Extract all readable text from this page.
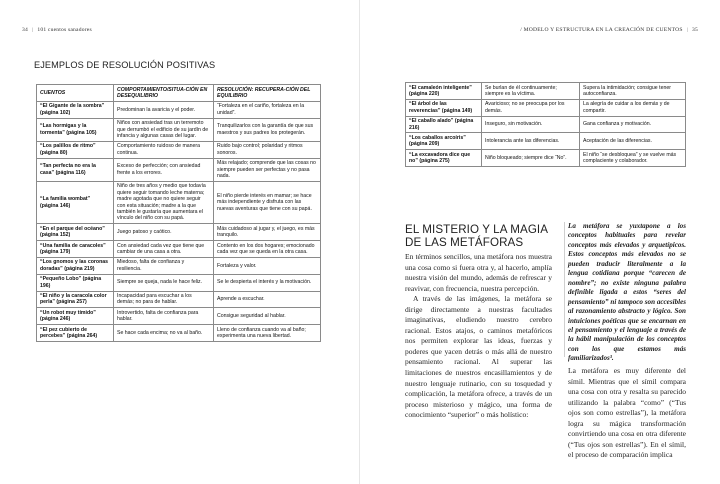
34 | 101 cuentos sanadores
EJEMPLOS DE RESOLUCIÓN POSITIVAS
CUENTOS	COMPORTAMIENTO/SITUA-CIÓN EN DESEQUILIBRIO	RESOLUCIÓN: RECUPERA-CIÓN DEL EQUILIBRIO
“El Gigante de la sombra” (página 102)	Predominan la avaricia y el poder.	“Fortaleza en el cariño, fortaleza en la unidad”.
“Las hormigas y la tormenta” (página 105)	Niños con ansiedad tras un terremoto que derrumbó el edificio de su jardín de infancia y algunas casas del lugar.	Tranquilizarlos con la garantía de que sus maestros y sus padres los protegerán.
“Los palillos de ritmo” (página 80)	Comportamiento ruidoso de manera continua.	Ruido bajo control; polaridad y ritmos sonoros.
“Tan perfecta no era la casa” (página 116)	Exceso de perfección; con ansiedad frente a los errores.	Más relajado; comprende que las cosas no siempre pueden ser perfectas y no pasa nada.
“La familia wombat” (página 146)	Niño de tres años y medio que todavía quiere seguir tomando leche materna; madre agotada que no quiere seguir con esta situación; madre a la que también le gustaría que aumentara el vínculo del niño con su papá.	El niño pierde interés en mamar; se hace más independiente y disfruta con las nuevas aventuras que tiene con su papá.
“En el parque del océano” (página 152)	Juego patoso y caótico.	Más cuidadoso al jugar y, el juego, es más tranquilo.
“Una familia de caracoles” (página 179)	Con ansiedad cada vez que tiene que cambiar de una casa a otra.	Contento en los dos hogares; emocionado cada vez que se queda en la otra casa.
“Los gnomos y las coronas doradas” (página 219)	Miedoso, falta de confianza y resiliencia.	Fortaleza y valor.
“Pequeño Lobo” (página 196)	Siempre se queja, nada le hace feliz.	Se le despierta el interés y la motivación.
“El niño y la caracola color perla” (página 257)	Incapacidad para escuchar a los demás; no para de hablar.	Aprende a escuchar.
“Un robot muy tímido” (página 246)	Introvertido, falta de confianza para hablar.	Consigue seguridad al hablar.
“El pez cubierto de percebes” (página 264)	Se hace cada encima; no va al baño.	Lleno de confianza cuando va al baño; experimenta una nueva libertad.
/ MODELO Y ESTRUCTURA EN LA CREACIÓN DE CUENTOS | 35
“El camaleón inteligente” (página 220)	Se burlan de él continuamente; siempre es la víctima.	Supera la intimidación; consigue tener autoconfianza.
“El árbol de las reverencias” (página 149)	Avaricioso; no se preocupa por los demás.	La alegría de cuidar a los demás y de compartir.
“El caballo alado” (página 216)	Inseguro, sin motivación.	Gana confianza y motivación.
“Los caballos arcoíris” (página 209)	Intolerancia ante las diferencias.	Aceptación de las diferencias.
“La excavadora dice que no” (página 275)	Niño bloqueado; siempre dice “No”.	El niño “se desbloquea” y se vuelve más complaciente y colaborador.
EL MISTERIO Y LA MAGIA
DE LAS METÁFORAS

En términos sencillos, una metáfora nos muestra una cosa como si fuera otra y, al hacerlo, amplía nuestra visión del mundo, además de refrescar y reavivar, con frecuencia, nuestra percepción.

A través de las imágenes, la metáfora se dirige directamente a nuestras facultades imaginativas, eludiendo nuestro cerebro racional. Estos atajos, o caminos metafóricos nos permiten explorar las ideas, fuerzas y poderes que yacen detrás o más allá de nuestro pensamiento racional. Al superar las limitaciones de nuestros encasillamientos y de nuestro lenguaje rutinario, con su tosquedad y complicación, la metáfora ofrece, a través de un proceso misterioso y mágico, una forma de conocimiento “superior” o más holístico:

La metáfora se yuxtapone a los conceptos habituales para revelar conceptos más elevados y arquetípicos. Estos conceptos más elevados no se pueden traducir literalmente a la lengua cotidiana porque “carecen de nombre”; no existe ninguna palabra definible ligada a estos “seres del pensamiento” ni tampoco son accesibles al razonamiento abstracto y lógico. Son intuiciones poéticas que se encarnan en el pensamiento y el lenguaje a través de la hábil manipulación de los conceptos con los que estamos más familiarizados³.

La metáfora es muy diferente del símil. Mientras que el símil compara una cosa con otra y resalta su parecido utilizando la palabra “como” (“Tus ojos son como estrellas”), la metáfora logra su mágica transformación convirtiendo una cosa en otra diferente (“Tus ojos son estrellas”). En el símil, el proceso de comparación implica
